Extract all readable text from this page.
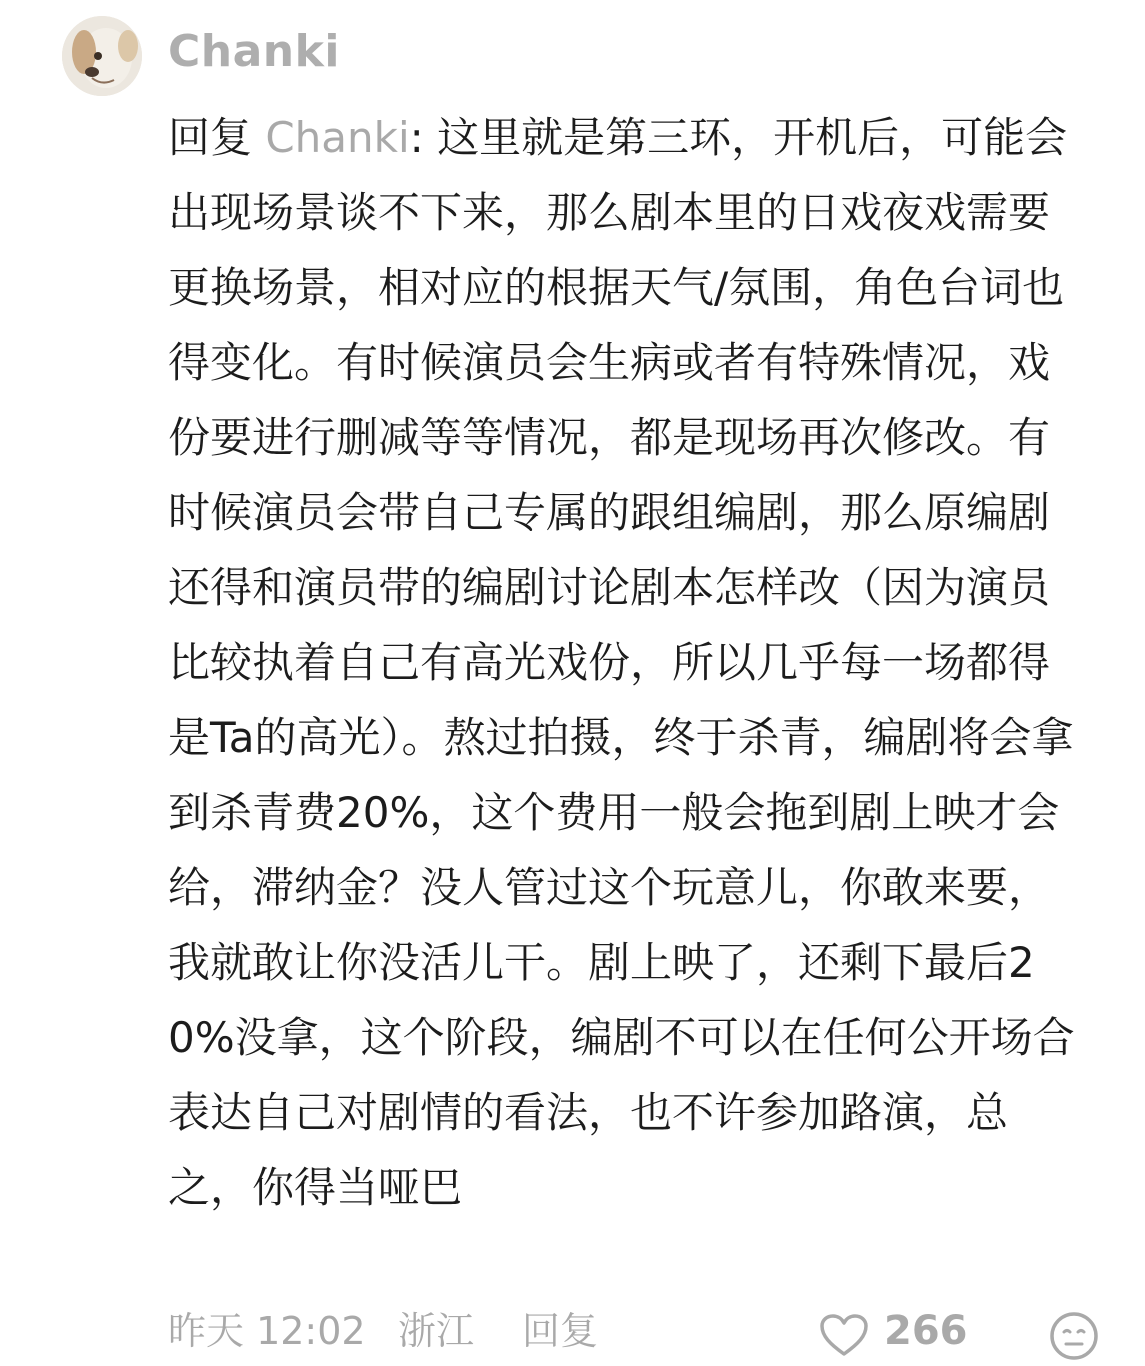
Chanki
回复 Chanki: 这里就是第三环，开机后，可能会出现场景谈不下来，那么剧本里的日戏夜戏需要更换场景，相对应的根据天气/氛围，角色台词也得变化。有时候演员会生病或者有特殊情况，戏份要进行删减等等情况，都是现场再次修改。有时候演员会带自己专属的跟组编剧，那么原编剧还得和演员带的编剧讨论剧本怎样改（因为演员比较执着自己有高光戏份，所以几乎每一场都得是Ta的高光）。熬过拍摄，终于杀青，编剧将会拿到杀青费20%，这个费用一般会拖到剧上映才会给，滞纳金？没人管过这个玩意儿，你敢来要，我就敢让你没活儿干。剧上映了，还剩下最后20%没拿，这个阶段，编剧不可以在任何公开场合表达自己对剧情的看法，也不许参加路演，总之，你得当哑巴
昨天 12:02 浙江 回复	266
